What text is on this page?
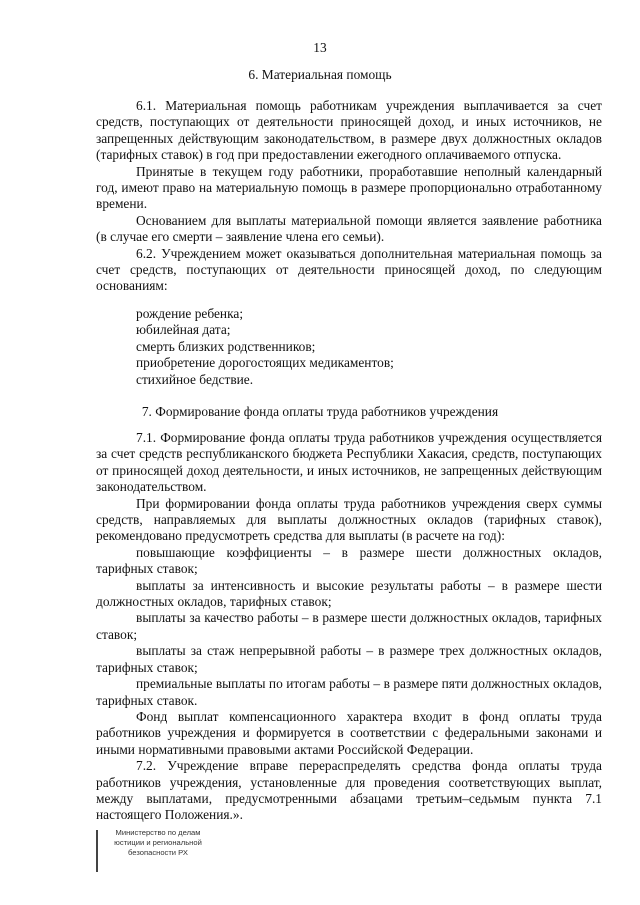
13
6. Материальная помощь

6.1. Материальная помощь работникам учреждения выплачивается за счет средств, поступающих от деятельности приносящей доход, и иных источников, не запрещенных действующим законодательством, в размере двух должностных окладов (тарифных ставок) в год при предоставлении ежегодного оплачиваемого отпуска.

Принятые в текущем году работники, проработавшие неполный календарный год, имеют право на материальную помощь в размере пропорционально отработанному времени.

Основанием для выплаты материальной помощи является заявление работника (в случае его смерти – заявление члена его семьи).

6.2. Учреждением может оказываться дополнительная материальная помощь за счет средств, поступающих от деятельности приносящей доход, по следующим основаниям:

рождение ребенка;
юбилейная дата;
смерть близких родственников;
приобретение дорогостоящих медикаментов;
стихийное бедствие.
7. Формирование фонда оплаты труда работников учреждения

7.1. Формирование фонда оплаты труда работников учреждения осуществляется за счет средств республиканского бюджета Республики Хакасия, средств, поступающих от приносящей доход деятельности, и иных источников, не запрещенных действующим законодательством.

При формировании фонда оплаты труда работников учреждения сверх суммы средств, направляемых для выплаты должностных окладов (тарифных ставок), рекомендовано предусмотреть средства для выплаты (в расчете на год):

повышающие коэффициенты – в размере шести должностных окладов, тарифных ставок;

выплаты за интенсивность и высокие результаты работы – в размере шести должностных окладов, тарифных ставок;

выплаты за качество работы – в размере шести должностных окладов, тарифных ставок;

выплаты за стаж непрерывной работы – в размере трех должностных окладов, тарифных ставок;

премиальные выплаты по итогам работы – в размере пяти должностных окладов, тарифных ставок.

Фонд выплат компенсационного характера входит в фонд оплаты труда работников учреждения и формируется в соответствии с федеральными законами и иными нормативными правовыми актами Российской Федерации.

7.2. Учреждение вправе перераспределять средства фонда оплаты труда работников учреждения, установленные для проведения соответствующих выплат, между выплатами, предусмотренными абзацами третьим–седьмым пункта 7.1 настоящего Положения.».

Министерство по делам
юстиции и региональной
безопасности РХ
